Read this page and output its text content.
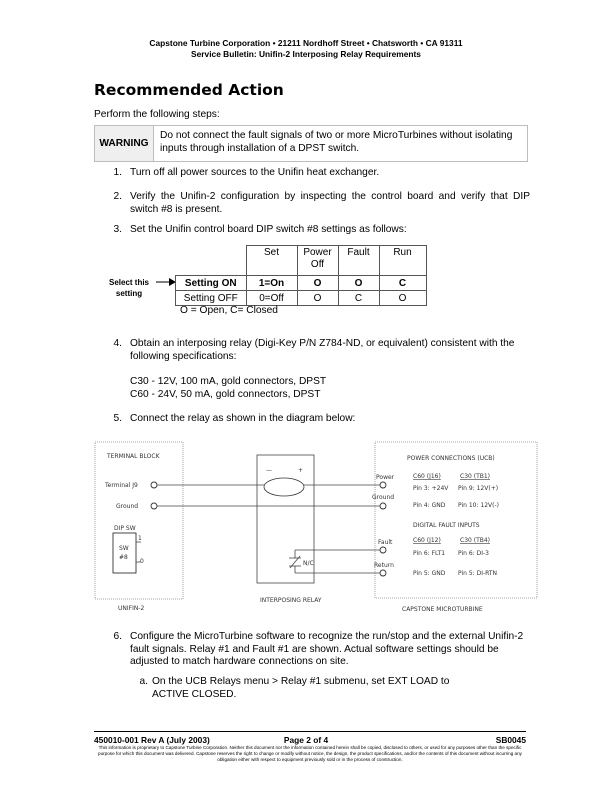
Capstone Turbine Corporation • 21211 Nordhoff Street • Chatsworth • CA 91311
Service Bulletin: Unifin-2 Interposing Relay Requirements
Recommended Action
Perform the following steps:
WARNING
Do not connect the fault signals of two or more MicroTurbines without isolating inputs through installation of a DPST switch.
1. Turn off all power sources to the Unifin heat exchanger.
2. Verify the Unifin-2 configuration by inspecting the control board and verify that DIP switch #8 is present.
3. Set the Unifin control board DIP switch #8 settings as follows:
Select this setting
	Set	Power Off	Fault	Run
Setting ON	1=On	O	O	C
Setting OFF	0=Off	O	C	O
O = Open, C= Closed
4. Obtain an interposing relay (Digi-Key P/N Z784-ND, or equivalent) consistent with the following specifications:
C30 - 12V, 100 mA, gold connectors, DPST
C60 - 24V, 50 mA, gold connectors, DPST
5. Connect the relay as shown in the diagram below:
TERMINAL BLOCK
Terminal J9
Ground
DIP SW
SW
#8
1
0
UNIFIN-2
—	+
N/C
INTERPOSING RELAY
Power
Ground
Fault
Return
POWER CONNECTIONS (UCB)
C60 (J16)	C30 (TB1)
Pin 3: +24V Pin 9: 12V(+)
Pin 4: GND Pin 10: 12V(-)
DIGITAL FAULT INPUTS
C60 (J12)	C30 (TB4)
Pin 6: FLT1 Pin 6: DI-3
Pin 5: GND Pin 5: DI-RTN
CAPSTONE MICROTURBINE
6. Configure the MicroTurbine software to recognize the run/stop and the external Unifin-2 fault signals. Relay #1 and Fault #1 are shown. Actual software settings should be adjusted to match hardware connections on site.
a. On the UCB Relays menu > Relay #1 submenu, set EXT LOAD to ACTIVE CLOSED.
450010-001 Rev A (July 2003)	Page 2 of 4	SB0045
This information is proprietary to Capstone Turbine Corporation. Neither this document nor the information contained herein shall be copied, disclosed to others, or used for any purposes other than the specific purpose for which this document was delivered. Capstone reserves the right to change or modify without notice, the design, the product specifications, and/or the contents of this document without incurring any obligation either with respect to equipment previously sold or in the process of construction.
